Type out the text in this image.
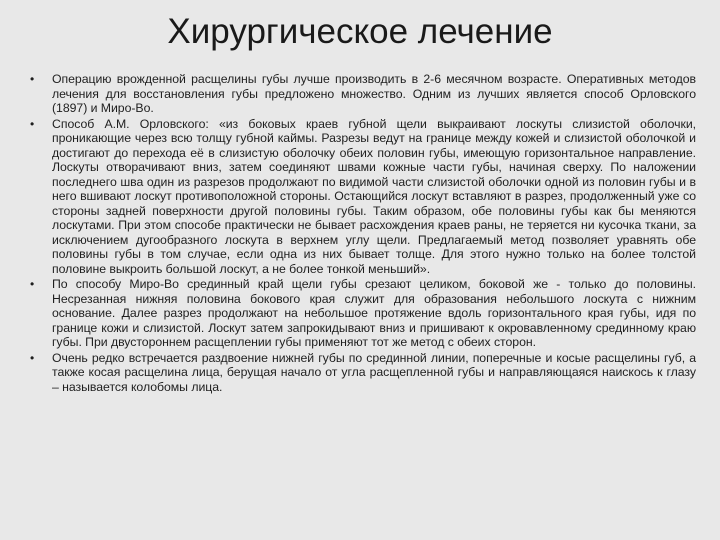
Хирургическое лечение
• Операцию врожденной расщелины губы лучше производить в 2-6 месячном возрасте. Оперативных методов лечения для восстановления губы предложено множество. Одним из лучших является способ Орловского (1897) и Миро-Во.
• Способ А.М. Орловского: «из боковых краев губной щели выкраивают лоскуты слизистой оболочки, проникающие через всю толщу губной каймы. Разрезы ведут на границе между кожей и слизистой оболочкой и достигают до перехода её в слизистую оболочку обеих половин губы, имеющую горизонтальное направление. Лоскуты отворачивают вниз, затем соединяют швами кожные части губы, начиная сверху. По наложении последнего шва один из разрезов продолжают по видимой части слизистой оболочки одной из половин губы и в него вшивают лоскут противоположной стороны. Остающийся лоскут вставляют в разрез, продолженный уже со стороны задней поверхности другой половины губы. Таким образом, обе половины губы как бы меняются лоскутами. При этом способе практически не бывает расхождения краев раны, не теряется ни кусочка ткани, за исключением дугообразного лоскута в верхнем углу щели. Предлагаемый метод позволяет уравнять обе половины губы в том случае, если одна из них бывает толще. Для этого нужно только на более толстой половине выкроить большой лоскут, а не более тонкой меньший».
• По способу Миро-Во срединный край щели губы срезают целиком, боковой же - только до половины. Несрезанная нижняя половина бокового края служит для образования небольшого лоскута с нижним основание. Далее разрез продолжают на небольшое протяжение вдоль горизонтального края губы, идя по границе кожи и слизистой. Лоскут затем запрокидывают вниз и пришивают к окровавленному срединному краю губы. При двустороннем расщеплении губы применяют тот же метод с обеих сторон.
• Очень редко встречается раздвоение нижней губы по срединной линии, поперечные и косые расщелины губ, а также косая расщелина лица, берущая начало от угла расщепленной губы и направляющаяся наискось к глазу – называется колобомы лица.
